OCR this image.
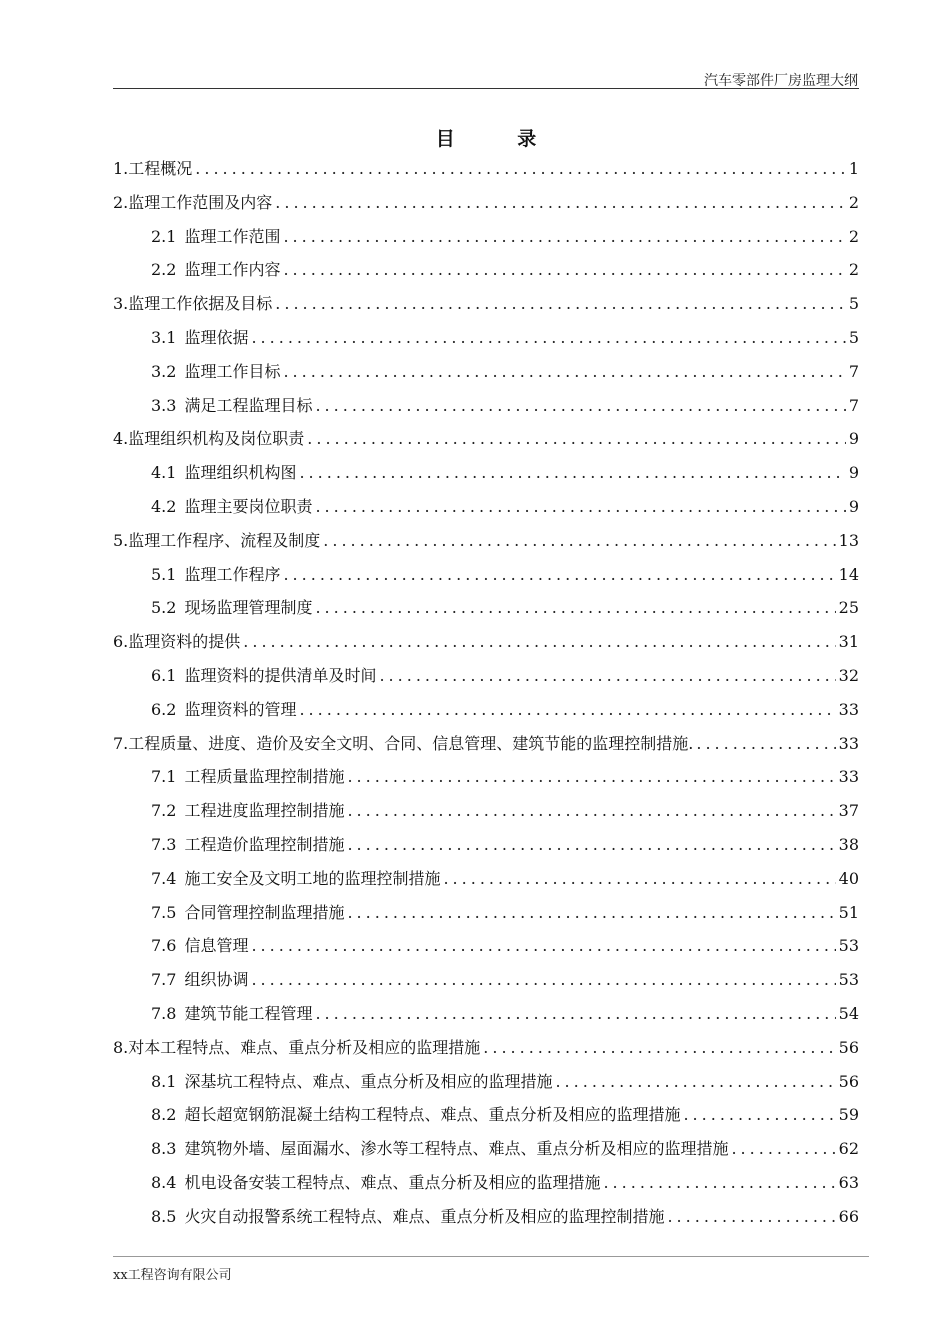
汽车零部件厂房监理大纲
目 录
1. 工程概况 .....	1
2. 监理工作范围及内容 .....	2
2.1 监理工作范围 .....	2
2.2 监理工作内容 .....	2
3. 监理工作依据及目标 .....	5
3.1 监理依据 .....	5
3.2 监理工作目标 .....	7
3.3 满足工程监理目标 .....	7
4. 监理组织机构及岗位职责 .....	9
4.1 监理组织机构图 .....	9
4.2 监理主要岗位职责 .....	9
5. 监理工作程序、流程及制度 .....	13
5.1 监理工作程序 .....	14
5.2 现场监理管理制度 .....	25
6. 监理资料的提供 .....	31
6.1 监理资料的提供清单及时间 .....	32
6.2 监理资料的管理 .....	33
7. 工程质量、进度、造价及安全文明、合同、信息管理、建筑节能的监理控制措施. .....	33
7.1 工程质量监理控制措施 .....	33
7.2 工程进度监理控制措施 .....	37
7.3 工程造价监理控制措施 .....	38
7.4 施工安全及文明工地的监理控制措施 .....	40
7.5 合同管理控制监理措施 .....	51
7.6 信息管理 .....	53
7.7 组织协调 .....	53
7.8 建筑节能工程管理 .....	54
8. 对本工程特点、难点、重点分析及相应的监理措施 .....	56
8.1 深基坑工程特点、难点、重点分析及相应的监理措施 .....	56
8.2 超长超宽钢筋混凝土结构工程特点、难点、重点分析及相应的监理措施 .....	59
8.3 建筑物外墙、屋面漏水、渗水等工程特点、难点、重点分析及相应的监理措施 .....	62
8.4 机电设备安装工程特点、难点、重点分析及相应的监理措施 .....	63
8.5 火灾自动报警系统工程特点、难点、重点分析及相应的监理控制措施 .....	66
xx工程咨询有限公司
